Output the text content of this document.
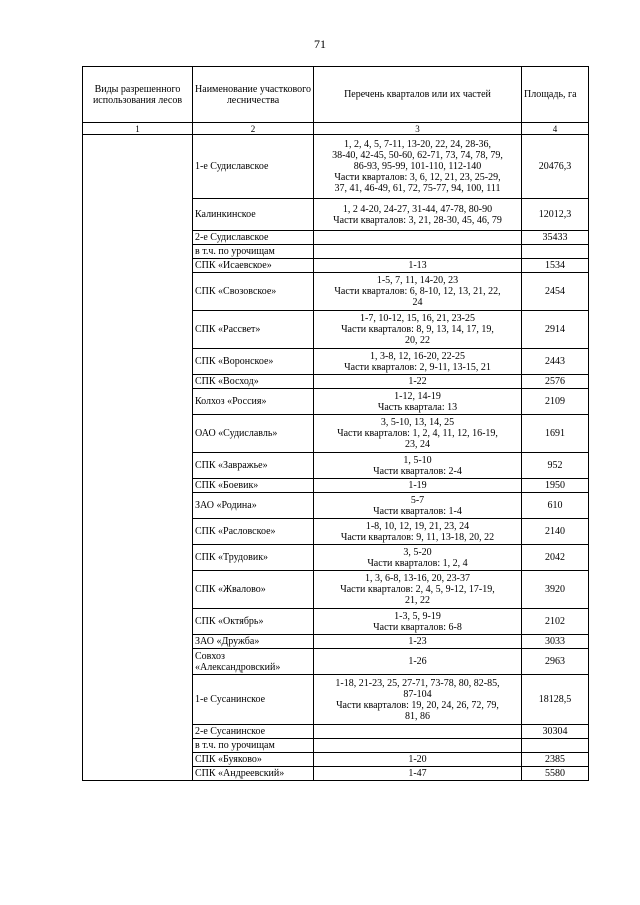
71
Виды разрешенного использования лесов	Наименование участкового лесничества	Перечень кварталов или их частей	Площадь, га
1	2	3	4
	1-е Судиславское	1, 2, 4, 5, 7-11, 13-20, 22, 24, 28-36,
38-40, 42-45, 50-60, 62-71, 73, 74, 78, 79,
86-93, 95-99, 101-110, 112-140
Части кварталов: 3, 6, 12, 21, 23, 25-29,
37, 41, 46-49, 61, 72, 75-77, 94, 100, 111	20476,3
	Калинкинское	1, 2 4-20, 24-27, 31-44, 47-78, 80-90
Части кварталов: 3, 21, 28-30, 45, 46, 79	12012,3
	2-е Судиславское		35433
	в т.ч. по урочищам		
	СПК «Исаевское»	1-13	1534
	СПК «Свозовское»	1-5, 7, 11, 14-20, 23
Части кварталов: 6, 8-10, 12, 13, 21, 22,
24	2454
	СПК «Рассвет»	1-7, 10-12, 15, 16, 21, 23-25
Части кварталов: 8, 9, 13, 14, 17, 19,
20, 22	2914
	СПК «Воронское»	1, 3-8, 12, 16-20, 22-25
Части кварталов: 2, 9-11, 13-15, 21	2443
	СПК «Восход»	1-22	2576
	Колхоз «Россия»	1-12, 14-19
Часть квартала: 13	2109
	ОАО «Судиславль»	3, 5-10, 13, 14, 25
Части кварталов: 1, 2, 4, 11, 12, 16-19,
23, 24	1691
	СПК «Завражье»	1, 5-10
Части кварталов: 2-4	952
	СПК «Боевик»	1-19	1950
	ЗАО «Родина»	5-7
Части кварталов: 1-4	610
	СПК «Расловское»	1-8, 10, 12, 19, 21, 23, 24
Части кварталов: 9, 11, 13-18, 20, 22	2140
	СПК «Трудовик»	3, 5-20
Части кварталов: 1, 2, 4	2042
	СПК «Жвалово»	1, 3, 6-8, 13-16, 20, 23-37
Части кварталов: 2, 4, 5, 9-12, 17-19,
21, 22	3920
	СПК «Октябрь»	1-3, 5, 9-19
Части кварталов: 6-8	2102
	ЗАО «Дружба»	1-23	3033
	Совхоз «Александровский»	1-26	2963
	1-е Сусанинское	1-18, 21-23, 25, 27-71, 73-78, 80, 82-85,
87-104
Части кварталов: 19, 20, 24, 26, 72, 79,
81, 86	18128,5
	2-е Сусанинское		30304
	в т.ч. по урочищам		
	СПК «Буяково»	1-20	2385
	СПК «Андреевский»	1-47	5580
